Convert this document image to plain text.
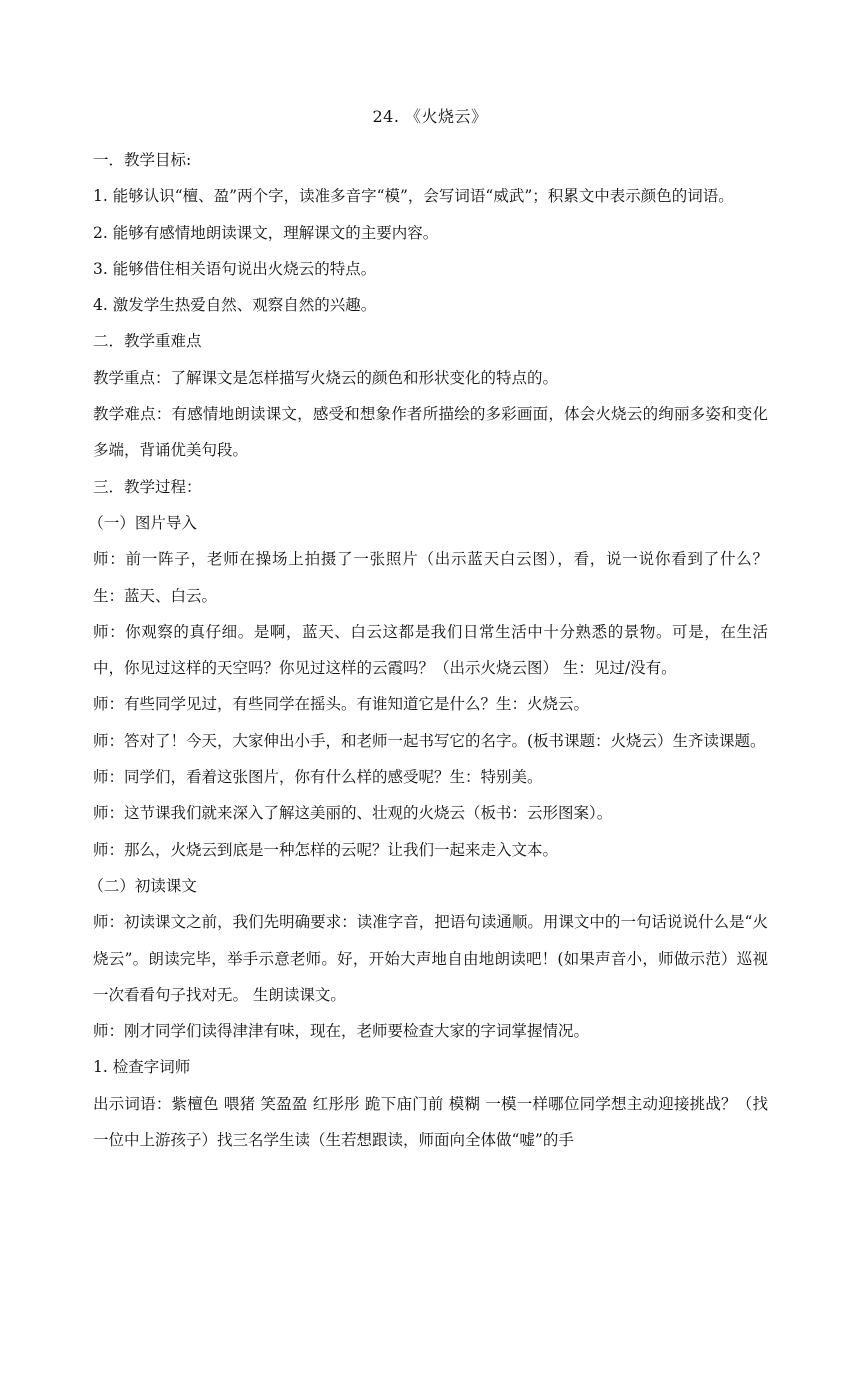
24. 《火烧云》

一．教学目标:

1. 能够认识“檀、盈”两个字，读准多音字“模”，会写词语“威武”；积累文中表示颜色的词语。

2. 能够有感情地朗读课文，理解课文的主要内容。

3. 能够借住相关语句说出火烧云的特点。

4. 激发学生热爱自然、观察自然的兴趣。

二．教学重难点

教学重点：了解课文是怎样描写火烧云的颜色和形状变化的特点的。

教学难点：有感情地朗读课文，感受和想象作者所描绘的多彩画面，体会火烧云的绚丽多姿和变化多端，背诵优美句段。

三．教学过程：

（一）图片导入

师：前一阵子，老师在操场上拍摄了一张照片（出示蓝天白云图），看，说一说你看到了什么？ 生：蓝天、白云。

师：你观察的真仔细。是啊，蓝天、白云这都是我们日常生活中十分熟悉的景物。可是，在生活中，你见过这样的天空吗？你见过这样的云霞吗？（出示火烧云图） 生：见过/没有。

师：有些同学见过，有些同学在摇头。有谁知道它是什么？生：火烧云。

师：答对了！今天，大家伸出小手，和老师一起书写它的名字。(板书课题：火烧云）生齐读课题。

师：同学们，看着这张图片，你有什么样的感受呢？生：特别美。

师：这节课我们就来深入了解这美丽的、壮观的火烧云（板书：云形图案）。

师：那么，火烧云到底是一种怎样的云呢？让我们一起来走入文本。

（二）初读课文

师：初读课文之前，我们先明确要求：读准字音，把语句读通顺。用课文中的一句话说说什么是“火烧云”。朗读完毕，举手示意老师。好，开始大声地自由地朗读吧！(如果声音小，师做示范）巡视一次看看句子找对无。 生朗读课文。

师：刚才同学们读得津津有味，现在，老师要检查大家的字词掌握情况。

1. 检查字词师

出示词语：紫檀色 喂猪 笑盈盈 红彤彤 跪下庙门前 模糊 一模一样哪位同学想主动迎接挑战？（找一位中上游孩子）找三名学生读（生若想跟读，师面向全体做“嘘”的手
